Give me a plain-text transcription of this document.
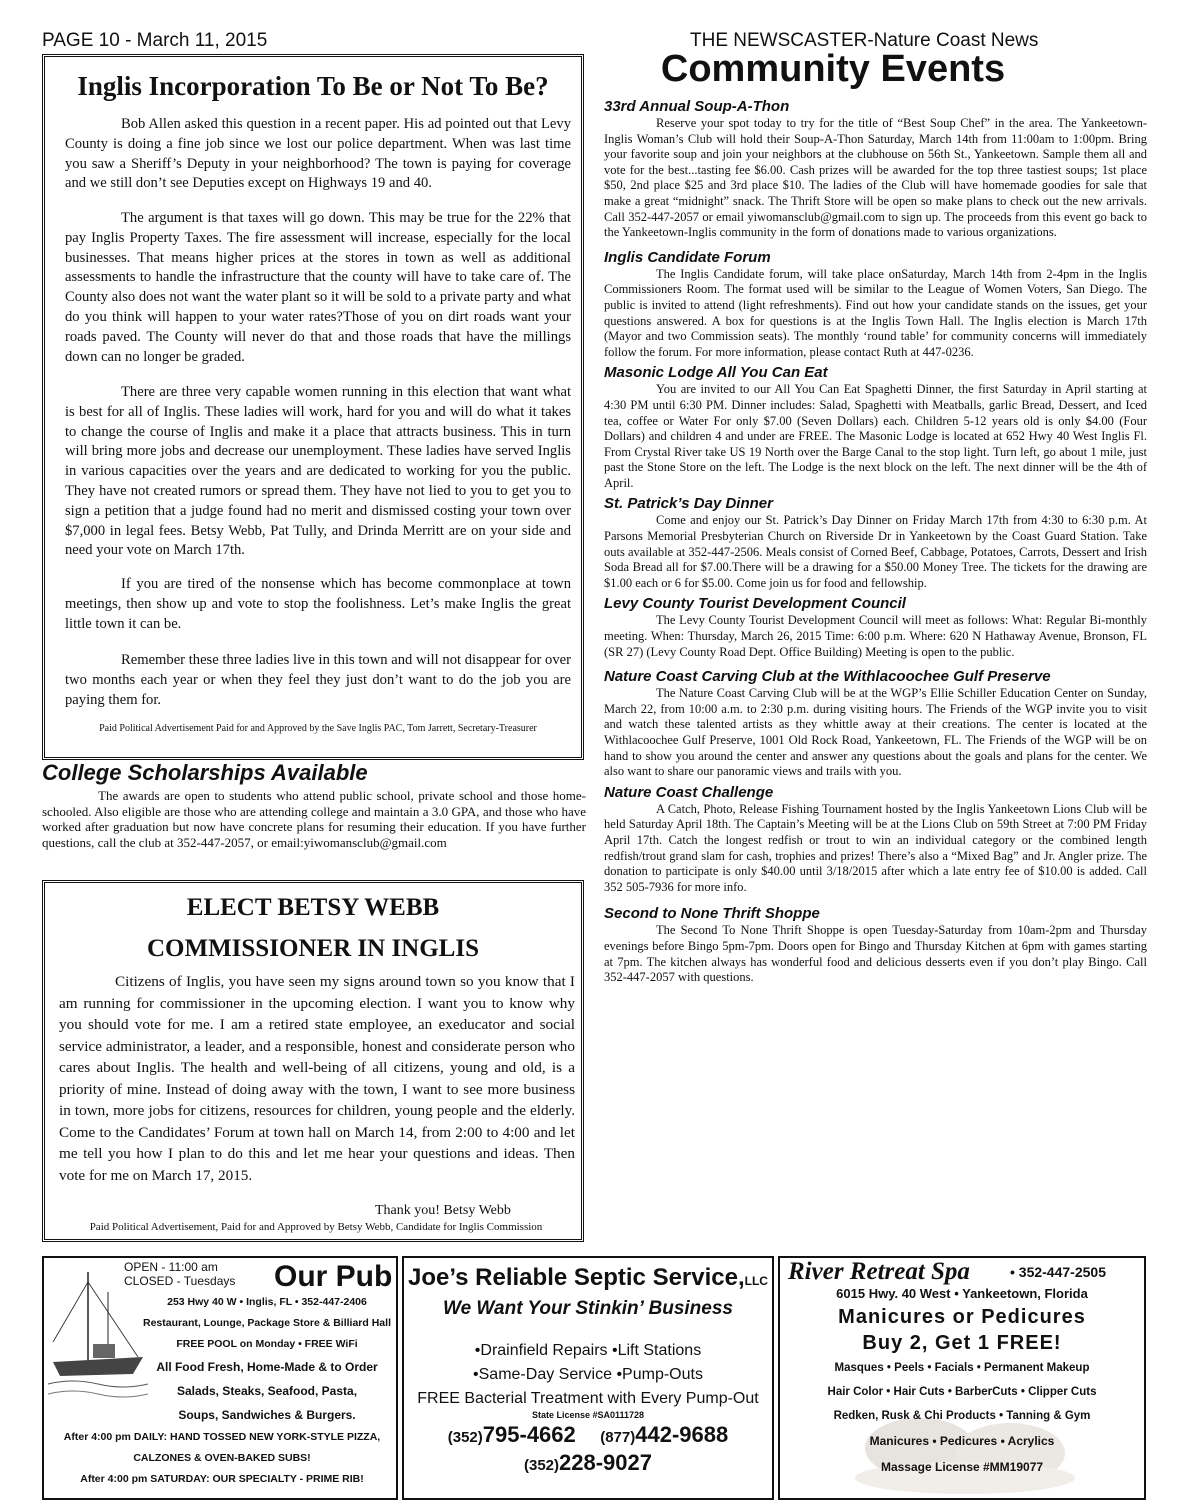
PAGE 10 - March 11, 2015	THE NEWSCASTER-Nature Coast News
Community Events
Inglis Incorporation To Be or Not To Be?

Bob Allen asked this question in a recent paper. His ad pointed out that Levy County is doing a fine job since we lost our police department. When was last time you saw a Sheriff’s Deputy in your neighborhood? The town is paying for coverage and we still don’t see Deputies except on Highways 19 and 40.

The argument is that taxes will go down. This may be true for the 22% that pay Inglis Property Taxes. The fire assessment will increase, especially for the local businesses. That means higher prices at the stores in town as well as additional assessments to handle the infrastructure that the county will have to take care of. The County also does not want the water plant so it will be sold to a private party and what do you think will happen to your water rates?Those of you on dirt roads want your roads paved. The County will never do that and those roads that have the millings down can no longer be graded.

There are three very capable women running in this election that want what is best for all of Inglis. These ladies will work, hard for you and will do what it takes to change the course of Inglis and make it a place that attracts business. This in turn will bring more jobs and decrease our unemployment. These ladies have served Inglis in various capacities over the years and are dedicated to working for you the public. They have not created rumors or spread them. They have not lied to you to get you to sign a petition that a judge found had no merit and dismissed costing your town over $7,000 in legal fees. Betsy Webb, Pat Tully, and Drinda Merritt are on your side and need your vote on March 17th.

If you are tired of the nonsense which has become commonplace at town meetings, then show up and vote to stop the foolishness. Let’s make Inglis the great little town it can be.

Remember these three ladies live in this town and will not disappear for over two months each year or when they feel they just don’t want to do the job you are paying them for.

Paid Political Advertisement Paid for and Approved by the Save Inglis PAC, Tom Jarrett, Secretary-Treasurer
College Scholarships Available

The awards are open to students who attend public school, private school and those home-schooled. Also eligible are those who are attending college and maintain a 3.0 GPA, and those who have worked after graduation but now have concrete plans for resuming their education. If you have further questions, call the club at 352-447-2057, or email:yiwomansclub@gmail.com

ELECT BETSY WEBB
COMMISSIONER IN INGLIS

Citizens of Inglis, you have seen my signs around town so you know that I am running for commissioner in the upcoming election. I want you to know why you should vote for me. I am a retired state employee, an exeducator and social service administrator, a leader, and a responsible, honest and considerate person who cares about Inglis. The health and well-being of all citizens, young and old, is a priority of mine. Instead of doing away with the town, I want to see more business in town, more jobs for citizens, resources for children, young people and the elderly. Come to the Candidates’ Forum at town hall on March 14, from 2:00 to 4:00 and let me tell you how I plan to do this and let me hear your questions and ideas. Then vote for me on March 17, 2015.

Thank you! Betsy Webb
Paid Political Advertisement, Paid for and Approved by Betsy Webb, Candidate for Inglis Commission
33rd Annual Soup-A-Thon

Reserve your spot today to try for the title of “Best Soup Chef” in the area. The Yankeetown-Inglis Woman’s Club will hold their Soup-A-Thon Saturday, March 14th from 11:00am to 1:00pm. Bring your favorite soup and join your neighbors at the clubhouse on 56th St., Yankeetown. Sample them all and vote for the best...tasting fee $6.00. Cash prizes will be awarded for the top three tastiest soups; 1st place $50, 2nd place $25 and 3rd place $10. The ladies of the Club will have homemade goodies for sale that make a great “midnight” snack. The Thrift Store will be open so make plans to check out the new arrivals. Call 352-447-2057 or email yiwomansclub@gmail.com to sign up. The proceeds from this event go back to the Yankeetown-Inglis community in the form of donations made to various organizations.

Inglis Candidate Forum

The Inglis Candidate forum, will take place onSaturday, March 14th from 2-4pm in the Inglis Commissioners Room. The format used will be similar to the League of Women Voters, San Diego. The public is invited to attend (light refreshments). Find out how your candidate stands on the issues, get your questions answered. A box for questions is at the Inglis Town Hall. The Inglis election is March 17th (Mayor and two Commission seats). The monthly ‘round table’ for community concerns will immediately follow the forum. For more information, please contact Ruth at 447-0236.

Masonic Lodge All You Can Eat

You are invited to our All You Can Eat Spaghetti Dinner, the first Saturday in April starting at 4:30 PM until 6:30 PM. Dinner includes: Salad, Spaghetti with Meatballs, garlic Bread, Dessert, and Iced tea, coffee or Water For only $7.00 (Seven Dollars) each. Children 5-12 years old is only $4.00 (Four Dollars) and children 4 and under are FREE. The Masonic Lodge is located at 652 Hwy 40 West Inglis Fl. From Crystal River take US 19 North over the Barge Canal to the stop light. Turn left, go about 1 mile, just past the Stone Store on the left. The Lodge is the next block on the left. The next dinner will be the 4th of April.

St. Patrick’s Day Dinner

Come and enjoy our St. Patrick’s Day Dinner on Friday March 17th from 4:30 to 6:30 p.m. At Parsons Memorial Presbyterian Church on Riverside Dr in Yankeetown by the Coast Guard Station. Take outs available at 352-447-2506. Meals consist of Corned Beef, Cabbage, Potatoes, Carrots, Dessert and Irish Soda Bread all for $7.00.There will be a drawing for a $50.00 Money Tree. The tickets for the drawing are $1.00 each or 6 for $5.00. Come join us for food and fellowship.

Levy County Tourist Development Council

The Levy County Tourist Development Council will meet as follows: What: Regular Bi-monthly meeting. When: Thursday, March 26, 2015 Time: 6:00 p.m. Where: 620 N Hathaway Avenue, Bronson, FL (SR 27) (Levy County Road Dept. Office Building) Meeting is open to the public.

Nature Coast Carving Club at the Withlacoochee Gulf Preserve

The Nature Coast Carving Club will be at the WGP’s Ellie Schiller Education Center on Sunday, March 22, from 10:00 a.m. to 2:30 p.m. during visiting hours. The Friends of the WGP invite you to visit and watch these talented artists as they whittle away at their creations. The center is located at the Withlacoochee Gulf Preserve, 1001 Old Rock Road, Yankeetown, FL. The Friends of the WGP will be on hand to show you around the center and answer any questions about the goals and plans for the center. We also want to share our panoramic views and trails with you.

Nature Coast Challenge

A Catch, Photo, Release Fishing Tournament hosted by the Inglis Yankeetown Lions Club will be held Saturday April 18th. The Captain’s Meeting will be at the Lions Club on 59th Street at 7:00 PM Friday April 17th. Catch the longest redfish or trout to win an individual category or the combined length redfish/trout grand slam for cash, trophies and prizes! There’s also a “Mixed Bag” and Jr. Angler prize. The donation to participate is only $40.00 until 3/18/2015 after which a late entry fee of $10.00 is added. Call 352 505-7936 for more info.

Second to None Thrift Shoppe

The Second To None Thrift Shoppe is open Tuesday-Saturday from 10am-2pm and Thursday evenings before Bingo 5pm-7pm. Doors open for Bingo and Thursday Kitchen at 6pm with games starting at 7pm. The kitchen always has wonderful food and delicious desserts even if you don’t play Bingo. Call 352-447-2057 with questions.

OPEN - 11:00 am
CLOSED - Tuesdays Our Pub
253 Hwy 40 W • Inglis, FL • 352-447-2406
Restaurant, Lounge, Package Store & Billiard Hall
FREE POOL on Monday • FREE WiFi
All Food Fresh, Home-Made & to Order
Salads, Steaks, Seafood, Pasta,
Soups, Sandwiches & Burgers.
After 4:00 pm DAILY: HAND TOSSED NEW YORK-STYLE PIZZA,
CALZONES & OVEN-BAKED SUBS!
After 4:00 pm SATURDAY: OUR SPECIALTY - PRIME RIB!
Joe’s Reliable Septic Service,LLC
We Want Your Stinkin’ Business
•Drainfield Repairs •Lift Stations
•Same-Day Service •Pump-Outs
FREE Bacterial Treatment with Every Pump-Out
State License #SA0111728
(352)795-4662 (877)442-9688
(352)228-9027
River Retreat Spa	• 352-447-2505
6015 Hwy. 40 West • Yankeetown, Florida
Manicures or Pedicures
Buy 2, Get 1 FREE!
Masques • Peels • Facials • Permanent Makeup
Hair Color • Hair Cuts • BarberCuts • Clipper Cuts
Redken, Rusk & Chi Products • Tanning & Gym
Manicures • Pedicures • Acrylics
Massage License #MM19077
